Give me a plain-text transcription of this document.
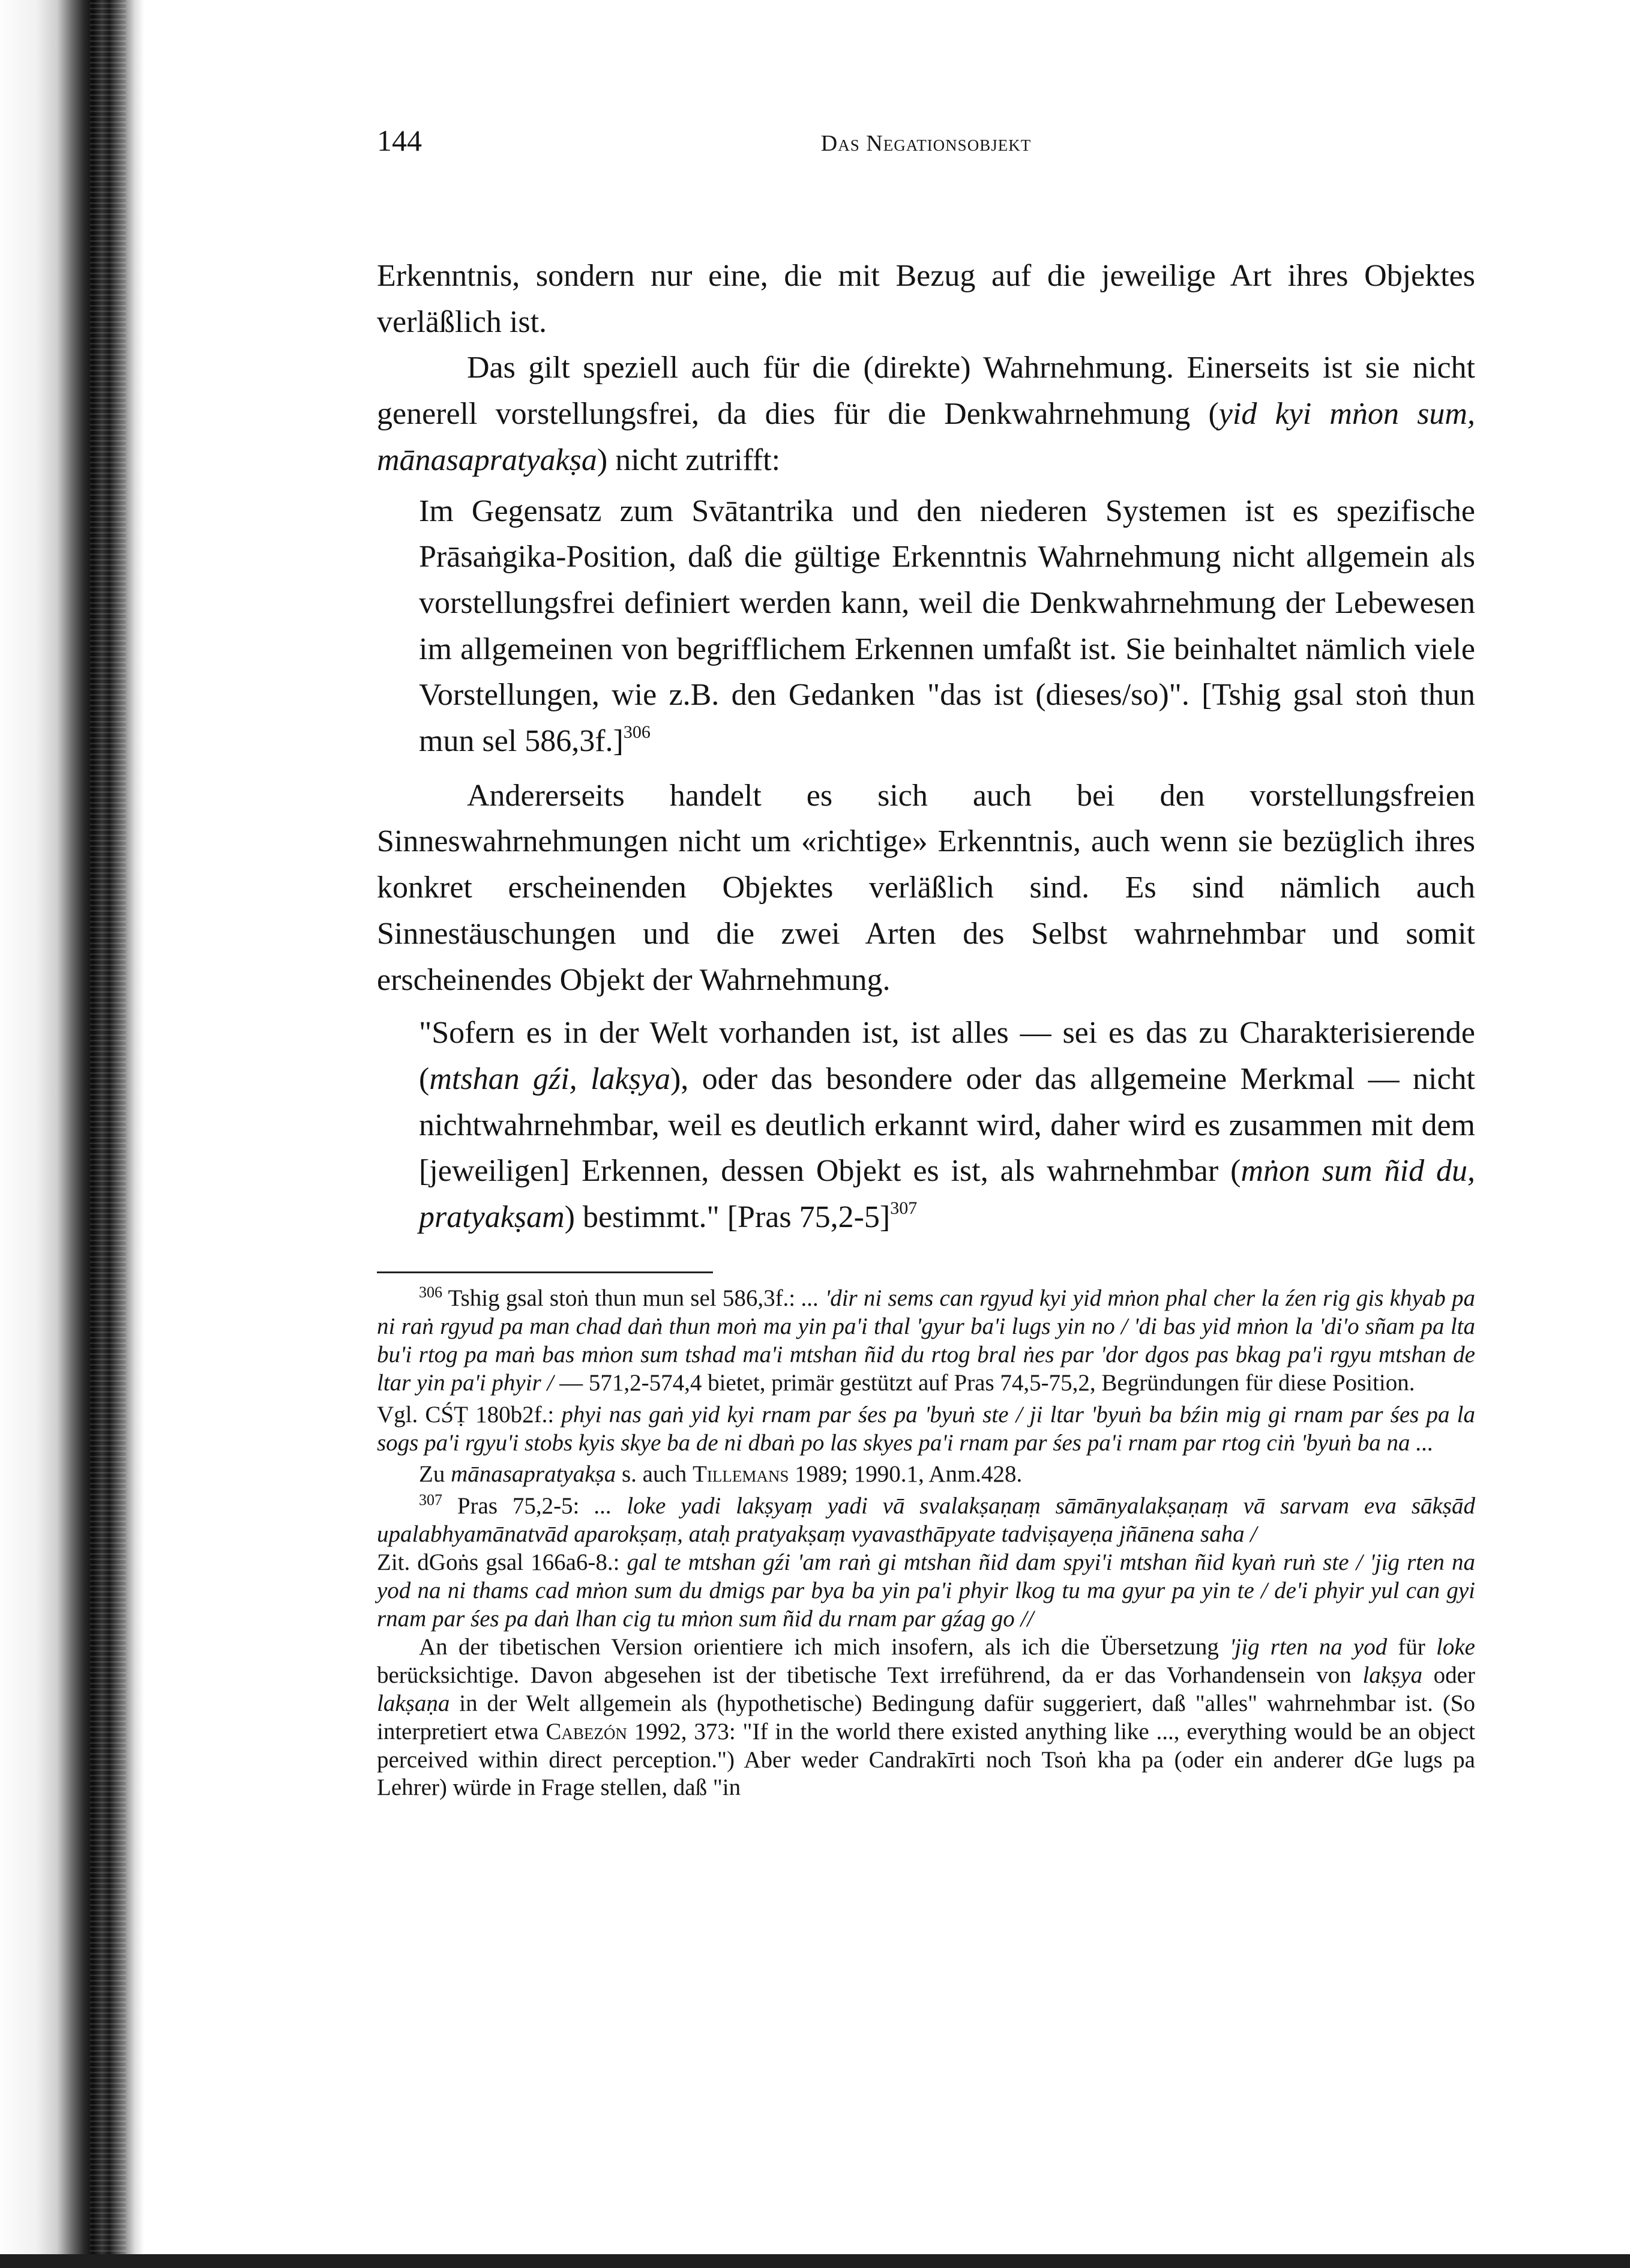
144	Das Negationsobjekt

Erkenntnis, sondern nur eine, die mit Bezug auf die jeweilige Art ihres Objektes verläßlich ist.

Das gilt speziell auch für die (direkte) Wahrnehmung. Einerseits ist sie nicht generell vorstellungsfrei, da dies für die Denkwahrnehmung (yid kyi mṅon sum, mānasapratyakṣa) nicht zutrifft:

Im Gegensatz zum Svātantrika und den niederen Systemen ist es spezifische Prāsaṅgika-Position, daß die gültige Erkenntnis Wahrnehmung nicht allgemein als vorstellungsfrei definiert werden kann, weil die Denkwahrnehmung der Lebewesen im allgemeinen von begrifflichem Erkennen umfaßt ist. Sie beinhaltet nämlich viele Vorstellungen, wie z.B. den Gedanken "das ist (dieses/so)". [Tshig gsal stoṅ thun mun sel 586,3f.]$^{306}$

Andererseits handelt es sich auch bei den vorstellungsfreien Sinneswahrnehmungen nicht um «richtige» Erkenntnis, auch wenn sie bezüglich ihres konkret erscheinenden Objektes verläßlich sind. Es sind nämlich auch Sinnestäuschungen und die zwei Arten des Selbst wahrnehmbar und somit erscheinendes Objekt der Wahrnehmung.

"Sofern es in der Welt vorhanden ist, ist alles — sei es das zu Charakterisierende (mtshan gźi, lakṣya), oder das besondere oder das allgemeine Merkmal — nicht nichtwahrnehmbar, weil es deutlich erkannt wird, daher wird es zusammen mit dem [jeweiligen] Erkennen, dessen Objekt es ist, als wahrnehmbar (mṅon sum ñid du, pratyakṣam) bestimmt." [Pras 75,2-5]$^{307}$

$^{306}$ Tshig gsal stoṅ thun mun sel 586,3f.: ... 'dir ni sems can rgyud kyi yid mṅon phal cher la źen rig gis khyab pa ni raṅ rgyud pa man chad daṅ thun moṅ ma yin pa'i thal 'gyur ba'i lugs yin no / 'di bas yid mṅon la 'di'o sñam pa lta bu'i rtog pa maṅ bas mṅon sum tshad ma'i mtshan ñid du rtog bral ṅes par 'dor dgos pas bkag pa'i rgyu mtshan de ltar yin pa'i phyir / — 571,2-574,4 bietet, primär gestützt auf Pras 74,5-75,2, Begründungen für diese Position.

Vgl. CŚṬ 180b2f.: phyi nas gaṅ yid kyi rnam par śes pa 'byuṅ ste / ji ltar 'byuṅ ba bźin mig gi rnam par śes pa la sogs pa'i rgyu'i stobs kyis skye ba de ni dbaṅ po las skyes pa'i rnam par śes pa'i rnam par rtog ciṅ 'byuṅ ba na ...

Zu mānasapratyakṣa s. auch Tillemans 1989; 1990.1, Anm.428.

$^{307}$ Pras 75,2-5: ... loke yadi lakṣyaṃ yadi vā svalakṣaṇaṃ sāmānyalakṣaṇaṃ vā sarvam eva sākṣād upalabhyamānatvād aparokṣaṃ, ataḥ pratyakṣaṃ vyavasthāpyate tadviṣayeṇa jñānena saha /

Zit. dGoṅs gsal 166a6-8.: gal te mtshan gźi 'am raṅ gi mtshan ñid dam spyi'i mtshan ñid kyaṅ ruṅ ste / 'jig rten na yod na ni thams cad mṅon sum du dmigs par bya ba yin pa'i phyir lkog tu ma gyur pa yin te / de'i phyir yul can gyi rnam par śes pa daṅ lhan cig tu mṅon sum ñid du rnam par gźag go //

An der tibetischen Version orientiere ich mich insofern, als ich die Übersetzung 'jig rten na yod für loke berücksichtige. Davon abgesehen ist der tibetische Text irreführend, da er das Vorhandensein von lakṣya oder lakṣaṇa in der Welt allgemein als (hypothetische) Bedingung dafür suggeriert, daß "alles" wahrnehmbar ist. (So interpretiert etwa Cabezón 1992, 373: "If in the world there existed anything like ..., everything would be an object perceived within direct perception.") Aber weder Candrakīrti noch Tsoṅ kha pa (oder ein anderer dGe lugs pa Lehrer) würde in Frage stellen, daß "in
